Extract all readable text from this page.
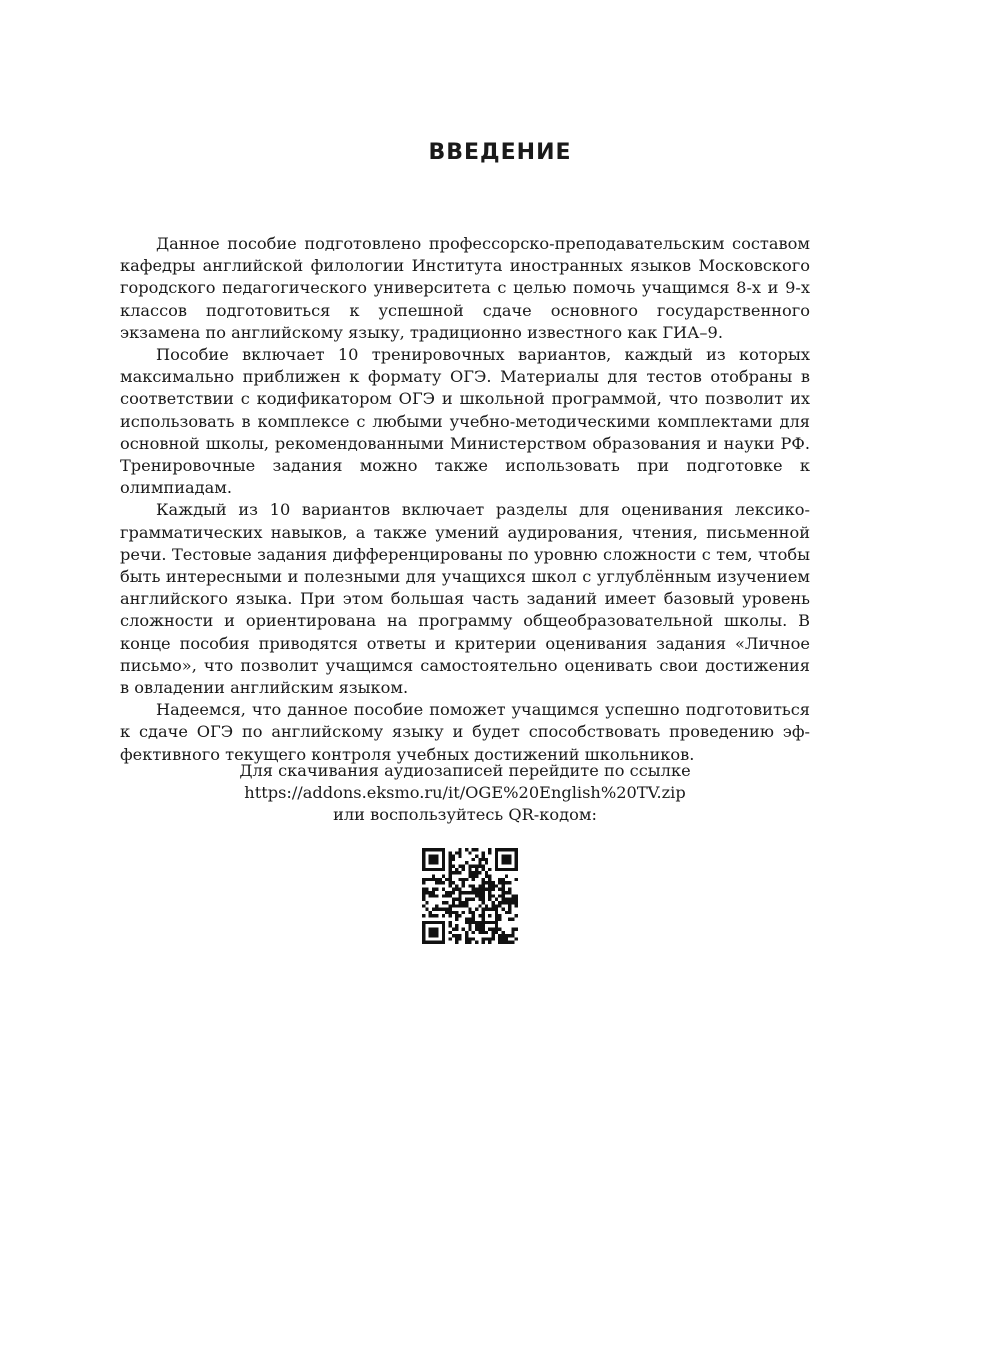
ВВЕДЕНИЕ

Данное пособие подготовлено профессорско-преподавательским составом кафедры английской филологии Института иностранных языков Московского городского педагогического университета с целью помочь учащимся 8-х и 9-х классов подготовиться к успешной сдаче основного государственного экзамена по английскому языку, традиционно известного как ГИА–9.

Пособие включает 10 тренировочных вариантов, каждый из которых максимально приближен к формату ОГЭ. Материалы для тестов отобраны в соответствии с кодификатором ОГЭ и школьной программой, что позволит их использовать в комплексе с любыми учебно-методическими комплектами для основной школы, рекомендованными Министерством образования и науки РФ. Тренировочные задания можно также использовать при подготовке к олимпиадам.

Каждый из 10 вариантов включает разделы для оценивания лексико-грамматических навыков, а также умений аудирования, чтения, письменной речи. Тестовые задания дифференцированы по уровню сложности с тем, чтобы быть интересными и полезными для учащихся школ с углублённым изучением английского языка. При этом большая часть заданий имеет базовый уровень сложности и ориентирована на программу общеобразовательной школы. В конце пособия приводятся ответы и критерии оценивания задания «Личное письмо», что позволит учащимся самостоятельно оценивать свои достижения в овладении английским языком.

Надеемся, что данное пособие поможет учащимся успешно подготовиться к сдаче ОГЭ по английскому языку и будет способствовать проведению эффективного текущего контроля учебных достижений школьников.

Для скачивания аудиозаписей перейдите по ссылке
https://addons.eksmo.ru/it/OGE%20English%20TV.zip
или воспользуйтесь QR-кодом:
